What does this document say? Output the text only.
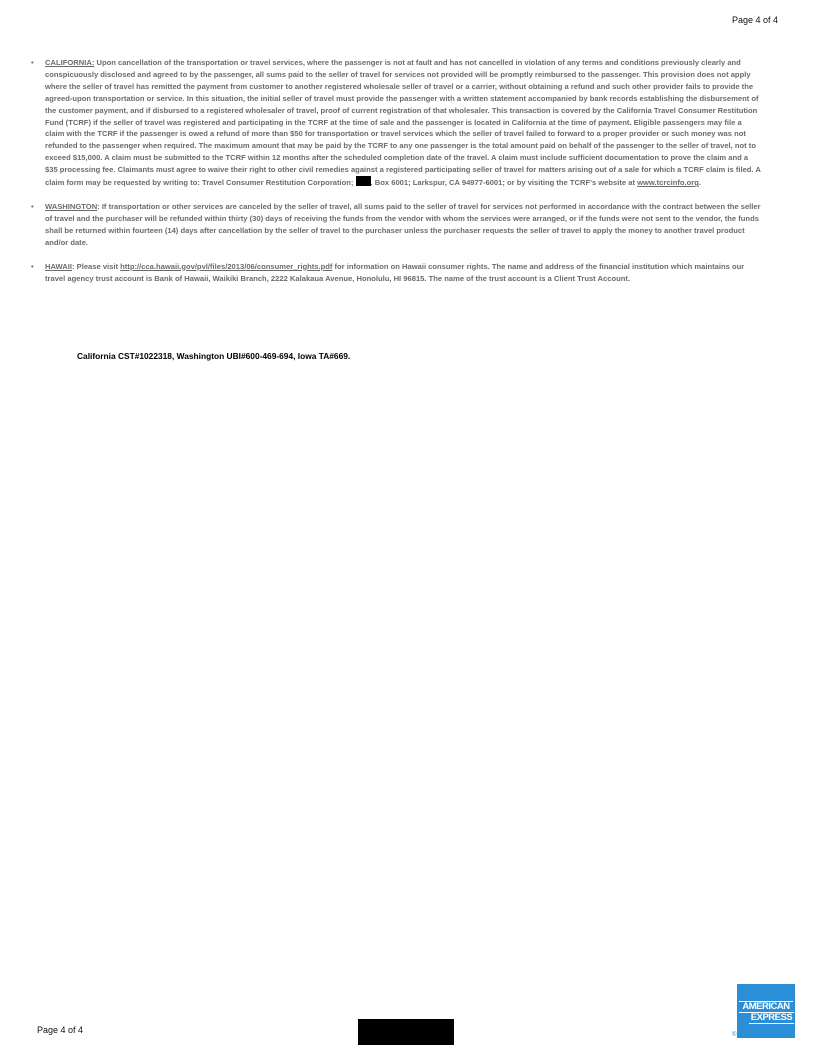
Page 4 of 4
• CALIFORNIA: Upon cancellation of the transportation or travel services, where the passenger is not at fault and has not cancelled in violation of any terms and conditions previously clearly and conspicuously disclosed and agreed to by the passenger, all sums paid to the seller of travel for services not provided will be promptly reimbursed to the passenger. This provision does not apply where the seller of travel has remitted the payment from customer to another registered wholesale seller of travel or a carrier, without obtaining a refund and such other provider fails to provide the agreed-upon transportation or service. In this situation, the initial seller of travel must provide the passenger with a written statement accompanied by bank records establishing the disbursement of the customer payment, and if disbursed to a registered wholesaler of travel, proof of current registration of that wholesaler. This transaction is covered by the California Travel Consumer Restitution Fund (TCRF) if the seller of travel was registered and participating in the TCRF at the time of sale and the passenger is located in California at the time of payment. Eligible passengers may file a claim with the TCRF if the passenger is owed a refund of more than $50 for transportation or travel services which the seller of travel failed to forward to a proper provider or such money was not refunded to the passenger when required. The maximum amount that may be paid by the TCRF to any one passenger is the total amount paid on behalf of the passenger to the seller of travel, not to exceed $15,000. A claim must be submitted to the TCRF within 12 months after the scheduled completion date of the travel. A claim must include sufficient documentation to prove the claim and a $35 processing fee. Claimants must agree to waive their right to other civil remedies against a registered participating seller of travel for matters arising out of a sale for which a TCRF claim is filed. A claim form may be requested by writing to: Travel Consumer Restitution Corporation; . Box 6001; Larkspur, CA 94977-6001; or by visiting the TCRF's website at www.tcrcinfo.org.
• WASHINGTON: If transportation or other services are canceled by the seller of travel, all sums paid to the seller of travel for services not performed in accordance with the contract between the seller of travel and the purchaser will be refunded within thirty (30) days of receiving the funds from the vendor with whom the services were arranged, or if the funds were not sent to the vendor, the funds shall be returned within fourteen (14) days after cancellation by the seller of travel to the purchaser unless the purchaser requests the seller of travel to apply the money to another travel product and/or date.
• HAWAII: Please visit http://cca.hawaii.gov/pvl/files/2013/06/consumer_rights.pdf for information on Hawaii consumer rights. The name and address of the financial institution which maintains our travel agency trust account is Bank of Hawaii, Waikiki Branch, 2222 Kalakaua Avenue, Honolulu, HI 96815. The name of the trust account is a Client Trust Account.
California CST#1022318, Washington UBI#600-469-694, Iowa TA#669.
Page 4 of 4
AMERICAN
EXPRESS
®
